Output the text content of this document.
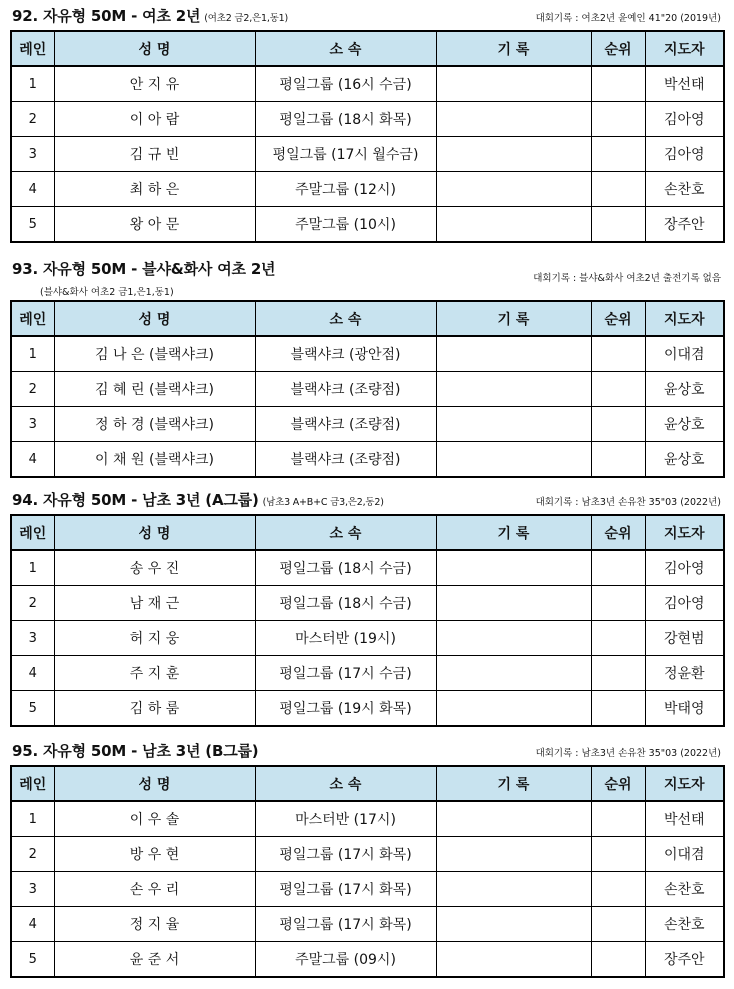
92. 자유형 50M - 여초 2년 (여초2 금2,은1,동1)	대회기록 : 여초2년 윤예인 41"20 (2019년)
레인	성 명	소 속	기 록	순위	지도자
1	안 지 유	평일그룹 (16시 수금)			박선태
2	이 아 람	평일그룹 (18시 화목)			김아영
3	김 규 빈	평일그룹 (17시 월수금)			김아영
4	최 하 은	주말그룹 (12시)			손찬호
5	왕 아 문	주말그룹 (10시)			장주안
93. 자유형 50M - 블샤&화사 여초 2년
(블샤&화사 여초2 금1,은1,동1)
대회기록 : 블샤&화사 여초2년 출전기록 없음
레인	성 명	소 속	기 록	순위	지도자
1	김 나 은 (블랙샤크)	블랙샤크 (광안점)			이대겸
2	김 혜 린 (블랙샤크)	블랙샤크 (조량점)			윤상호
3	정 하 경 (블랙샤크)	블랙샤크 (조량점)			윤상호
4	이 채 원 (블랙샤크)	블랙샤크 (조량점)			윤상호
94. 자유형 50M - 남초 3년 (A그룹) (남초3 A+B+C 금3,은2,동2)	대회기록 : 남초3년 손유찬 35"03 (2022년)
레인	성 명	소 속	기 록	순위	지도자
1	송 우 진	평일그룹 (18시 수금)			김아영
2	남 재 근	평일그룹 (18시 수금)			김아영
3	허 지 웅	마스터반 (19시)			강현범
4	주 지 훈	평일그룹 (17시 수금)			정윤환
5	김 하 룸	평일그룹 (19시 화목)			박태영
95. 자유형 50M - 남초 3년 (B그룹)	대회기록 : 남초3년 손유찬 35"03 (2022년)
레인	성 명	소 속	기 록	순위	지도자
1	이 우 솔	마스터반 (17시)			박선태
2	방 우 현	평일그룹 (17시 화목)			이대겸
3	손 우 리	평일그룹 (17시 화목)			손찬호
4	정 지 율	평일그룹 (17시 화목)			손찬호
5	윤 준 서	주말그룹 (09시)			장주안
